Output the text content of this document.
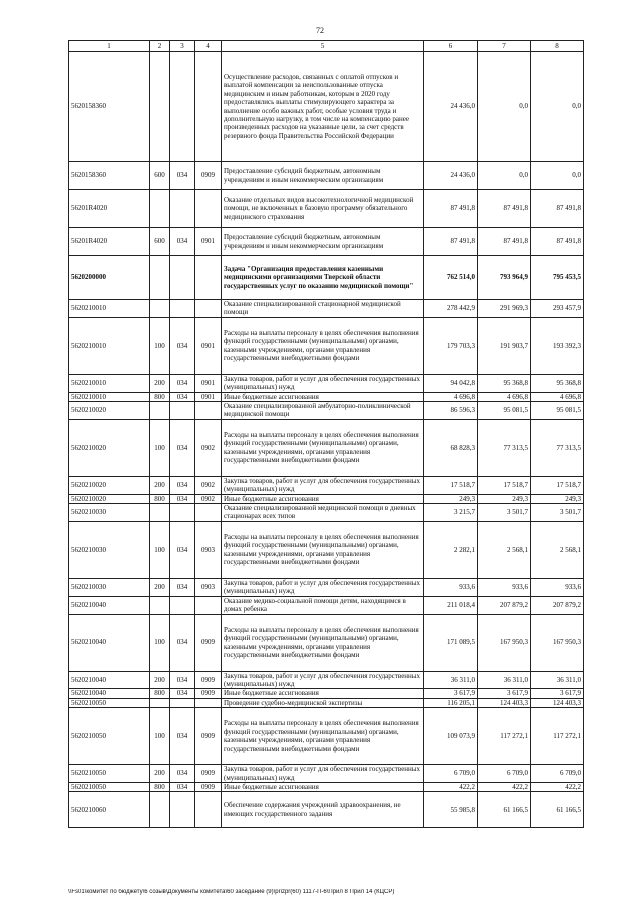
72
1	2	3	4	5	6	7	8
5620158360				Осуществление расходов, связанных с оплатой отпусков и выплатой компенсации за неиспользованные отпуска медицинским и иным работникам, которым в 2020 году предоставлялись выплаты стимулирующего характера за выполнение особо важных работ, особые условия труда и дополнительную нагрузку, в том числе на компенсацию ранее произведенных расходов на указанные цели, за счет средств резервного фонда Правительства Российской Федерации	24 436,0	0,0	0,0
5620158360	600	034	0909	Предоставление субсидий бюджетным, автономным учреждениям и иным некоммерческим организациям	24 436,0	0,0	0,0
56201R4020				Оказание отдельных видов высокотехнологичной медицинской помощи, не включенных в базовую программу обязательного медицинского страхования	87 491,8	87 491,8	87 491,8
56201R4020	600	034	0901	Предоставление субсидий бюджетным, автономным учреждениям и иным некоммерческим организациям	87 491,8	87 491,8	87 491,8
5620200000				Задача "Организация предоставления казенными медицинскими организациями Тверской области государственных услуг по оказанию медицинской помощи"	762 514,0	793 964,9	795 453,5
5620210010				Оказание специализированной стационарной медицинской помощи	278 442,9	291 969,3	293 457,9
5620210010	100	034	0901	Расходы на выплаты персоналу в целях обеспечения выполнения функций государственными (муниципальными) органами, казенными учреждениями, органами управления государственными внебюджетными фондами	179 703,3	191 903,7	193 392,3
5620210010	200	034	0901	Закупка товаров, работ и услуг для обеспечения государственных (муниципальных) нужд	94 042,8	95 368,8	95 368,8
5620210010	800	034	0901	Иные бюджетные ассигнования	4 696,8	4 696,8	4 696,8
5620210020				Оказание специализированной амбулаторно-поликлинической медицинской помощи	86 596,3	95 081,5	95 081,5
5620210020	100	034	0902	Расходы на выплаты персоналу в целях обеспечения выполнения функций государственными (муниципальными) органами, казенными учреждениями, органами управления государственными внебюджетными фондами	68 828,3	77 313,5	77 313,5
5620210020	200	034	0902	Закупка товаров, работ и услуг для обеспечения государственных (муниципальных) нужд	17 518,7	17 518,7	17 518,7
5620210020	800	034	0902	Иные бюджетные ассигнования	249,3	249,3	249,3
5620210030				Оказание специализированной медицинской помощи в дневных стационарах всех типов	3 215,7	3 501,7	3 501,7
5620210030	100	034	0903	Расходы на выплаты персоналу в целях обеспечения выполнения функций государственными (муниципальными) органами, казенными учреждениями, органами управления государственными внебюджетными фондами	2 282,1	2 568,1	2 568,1
5620210030	200	034	0903	Закупка товаров, работ и услуг для обеспечения государственных (муниципальных) нужд	933,6	933,6	933,6
5620210040				Оказание медико-социальной помощи детям, находящимся в домах ребенка	211 018,4	207 879,2	207 879,2
5620210040	100	034	0909	Расходы на выплаты персоналу в целях обеспечения выполнения функций государственными (муниципальными) органами, казенными учреждениями, органами управления государственными внебюджетными фондами	171 089,5	167 950,3	167 950,3
5620210040	200	034	0909	Закупка товаров, работ и услуг для обеспечения государственных (муниципальных) нужд	36 311,0	36 311,0	36 311,0
5620210040	800	034	0909	Иные бюджетные ассигнования	3 617,9	3 617,9	3 617,9
5620210050				Проведение судебно-медицинской экспертизы	116 205,1	124 403,3	124 403,3
5620210050	100	034	0909	Расходы на выплаты персоналу в целях обеспечения выполнения функций государственными (муниципальными) органами, казенными учреждениями, органами управления государственными внебюджетными фондами	109 073,9	117 272,1	117 272,1
5620210050	200	034	0909	Закупка товаров, работ и услуг для обеспечения государственных (муниципальных) нужд	6 709,0	6 709,0	6 709,0
5620210050	800	034	0909	Иные бюджетные ассигнования	422,2	422,2	422,2
5620210060				Обеспечение содержания учреждений здравоохранения, не имеющих государственного задания	55 985,8	61 166,5	61 166,5
\\Fs01\комитет по бюджету\6 созыв\Документы комитета\60 заседание (9)\prizpr(60) 1117-П-6\Прил 8 Прил 14 (КЦСР)
